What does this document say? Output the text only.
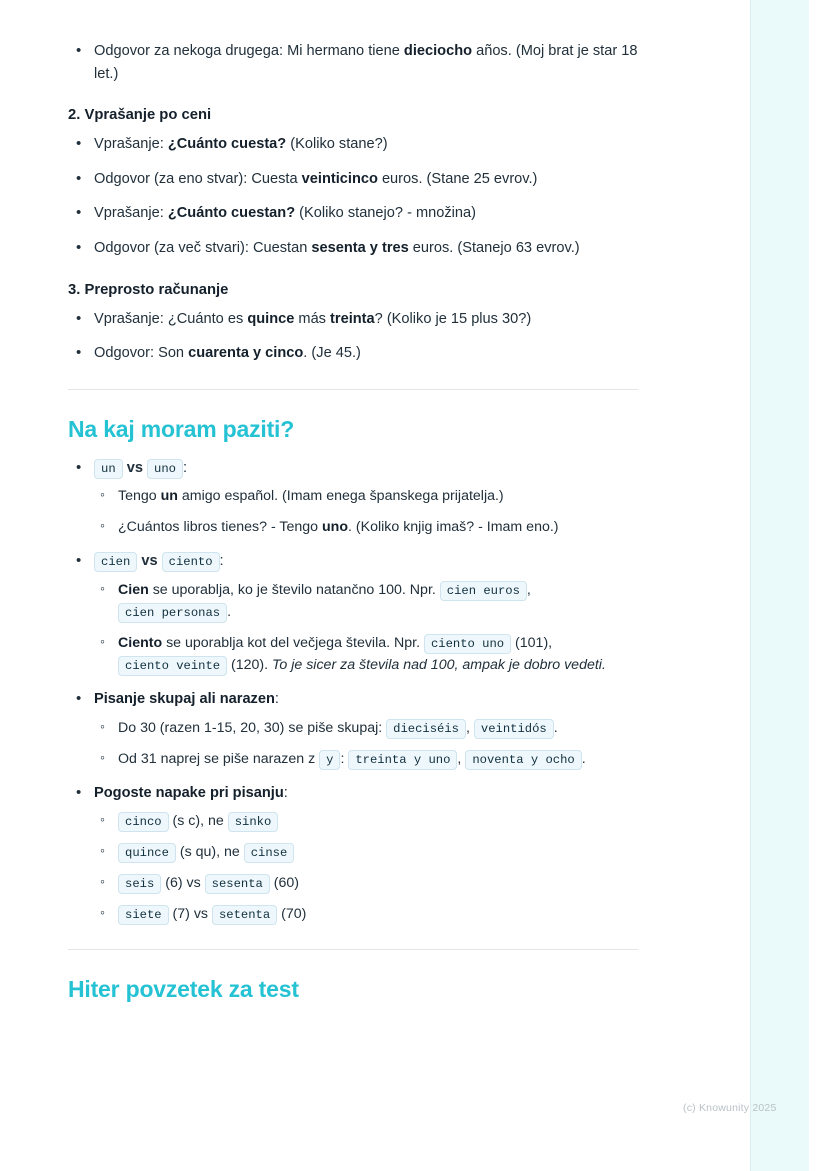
• Odgovor za nekoga drugega: Mi hermano tiene dieciocho años. (Moj brat je star 18 let.)
2. Vprašanje po ceni
• Vprašanje: ¿Cuánto cuesta? (Koliko stane?)
• Odgovor (za eno stvar): Cuesta veinticinco euros. (Stane 25 evrov.)
• Vprašanje: ¿Cuánto cuestan? (Koliko stanejo? - množina)
• Odgovor (za več stvari): Cuestan sesenta y tres euros. (Stanejo 63 evrov.)
3. Preprosto računanje
• Vprašanje: ¿Cuánto es quince más treinta? (Koliko je 15 plus 30?)
• Odgovor: Son cuarenta y cinco. (Je 45.)
Na kaj moram paziti?
• un vs uno :
◦ Tengo un amigo español. (Imam enega španskega prijatelja.)
◦ ¿Cuántos libros tienes? - Tengo uno. (Koliko knjig imaš? - Imam eno.)
• cien vs ciento :
◦ Cien se uporablja, ko je število natančno 100. Npr. cien euros , cien personas .
◦ Ciento se uporablja kot del večjega števila. Npr. ciento uno (101), ciento veinte (120). To je sicer za števila nad 100, ampak je dobro vedeti.
• Pisanje skupaj ali narazen:
◦ Do 30 (razen 1-15, 20, 30) se piše skupaj: dieciséis , veintidós .
◦ Od 31 naprej se piše narazen z y : treinta y uno , noventa y ocho .
• Pogoste napake pri pisanju:
◦ cinco (s c), ne sinko
◦ quince (s qu), ne cinse
◦ seis (6) vs sesenta (60)
◦ siete (7) vs setenta (70)
Hiter povzetek za test
(c) Knowunity 2025
